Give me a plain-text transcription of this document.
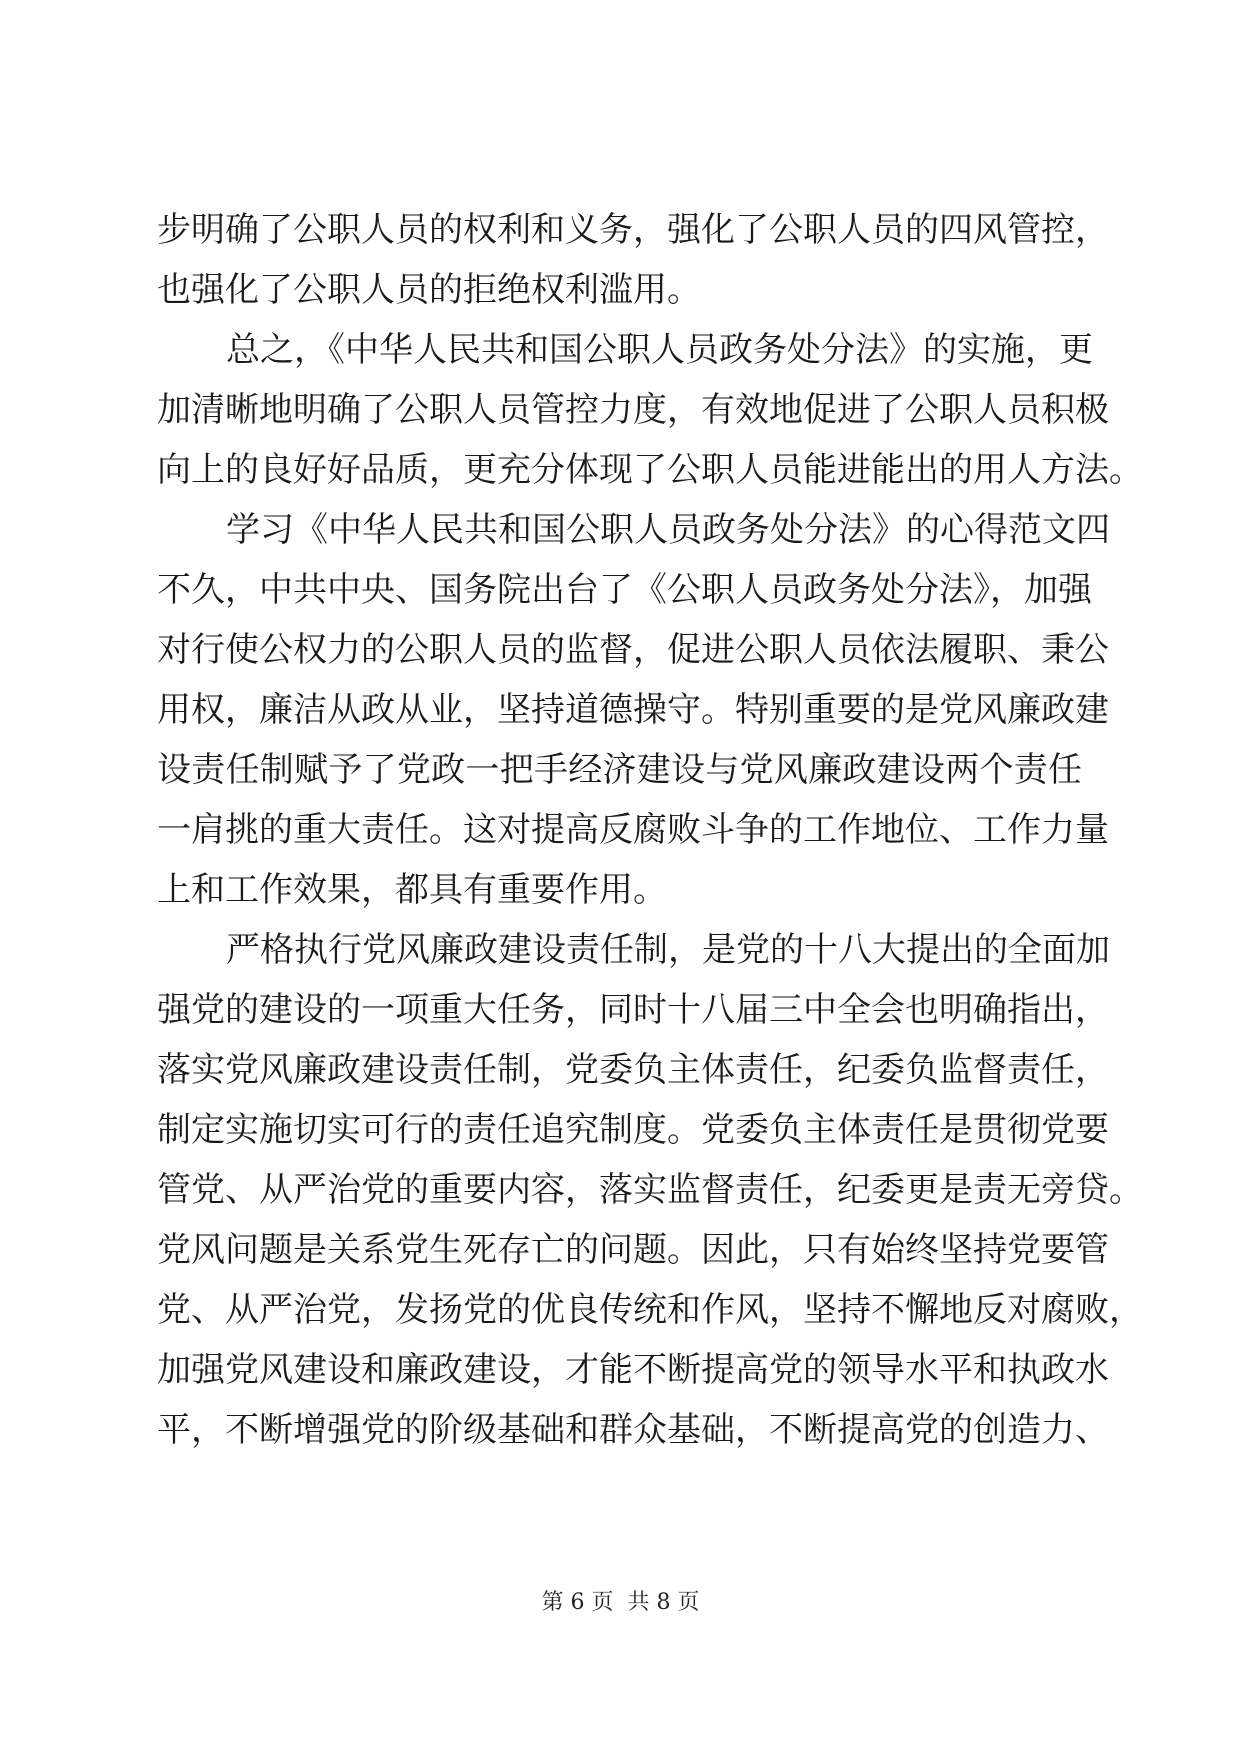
步明确了公职人员的权利和义务，强化了公职人员的四风管控，
也强化了公职人员的拒绝权利滥用。
总之，《中华人民共和国公职人员政务处分法》的实施，更
加清晰地明确了公职人员管控力度，有效地促进了公职人员积极
向上的良好好品质，更充分体现了公职人员能进能出的用人方法。
学习《中华人民共和国公职人员政务处分法》的心得范文四
不久，中共中央、国务院出台了《公职人员政务处分法》，加强
对行使公权力的公职人员的监督，促进公职人员依法履职、秉公
用权，廉洁从政从业，坚持道德操守。特别重要的是党风廉政建
设责任制赋予了党政一把手经济建设与党风廉政建设两个责任
一肩挑的重大责任。这对提高反腐败斗争的工作地位、工作力量
上和工作效果，都具有重要作用。
严格执行党风廉政建设责任制，是党的十八大提出的全面加
强党的建设的一项重大任务，同时十八届三中全会也明确指出，
落实党风廉政建设责任制，党委负主体责任，纪委负监督责任，
制定实施切实可行的责任追究制度。党委负主体责任是贯彻党要
管党、从严治党的重要内容，落实监督责任，纪委更是责无旁贷。
党风问题是关系党生死存亡的问题。因此，只有始终坚持党要管
党、从严治党，发扬党的优良传统和作风，坚持不懈地反对腐败，
加强党风建设和廉政建设，才能不断提高党的领导水平和执政水
平，不断增强党的阶级基础和群众基础，不断提高党的创造力、
第 6 页 共 8 页
